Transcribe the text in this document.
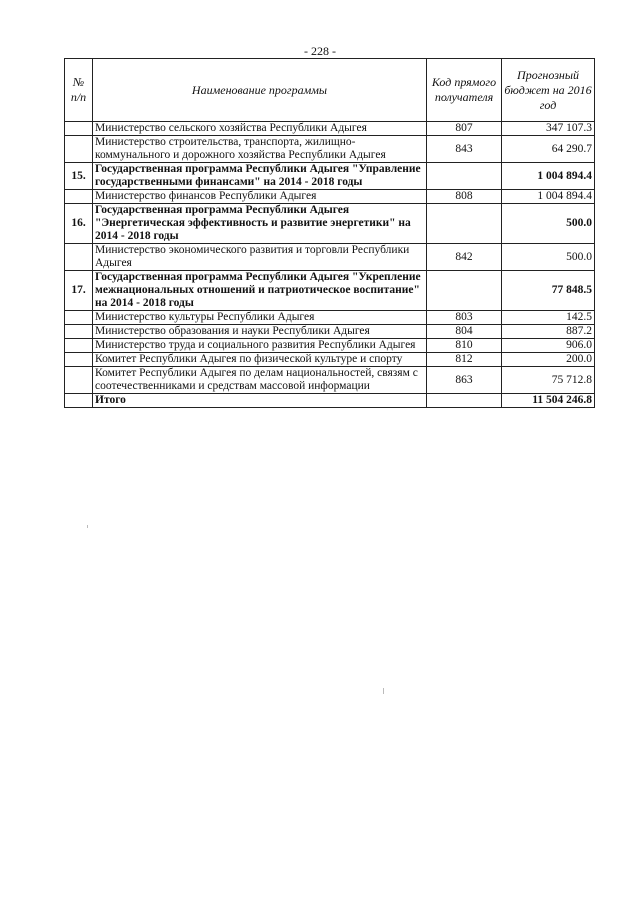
- 228 -
№ п/п	Наименование программы	Код прямого получателя	Прогнозный бюджет на 2016 год
	Министерство сельского хозяйства Республики Адыгея	807	347 107.3
	Министерство строительства, транспорта, жилищно-коммунального и дорожного хозяйства Республики Адыгея	843	64 290.7
15.	Государственная программа Республики Адыгея "Управление государственными финансами" на 2014 - 2018 годы		1 004 894.4
	Министерство финансов Республики Адыгея	808	1 004 894.4
16.	Государственная программа Республики Адыгея "Энергетическая эффективность и развитие энергетики" на 2014 - 2018 годы		500.0
	Министерство экономического развития и торговли Республики Адыгея	842	500.0
17.	Государственная программа Республики Адыгея "Укрепление межнациональных отношений и патриотическое воспитание" на 2014 - 2018 годы		77 848.5
	Министерство культуры Республики Адыгея	803	142.5
	Министерство образования и науки Республики Адыгея	804	887.2
	Министерство труда и социального развития Республики Адыгея	810	906.0
	Комитет Республики Адыгея по физической культуре и спорту	812	200.0
	Комитет Республики Адыгея по делам национальностей, связям с соотечественниками и средствам массовой информации	863	75 712.8
	Итого		11 504 246.8
